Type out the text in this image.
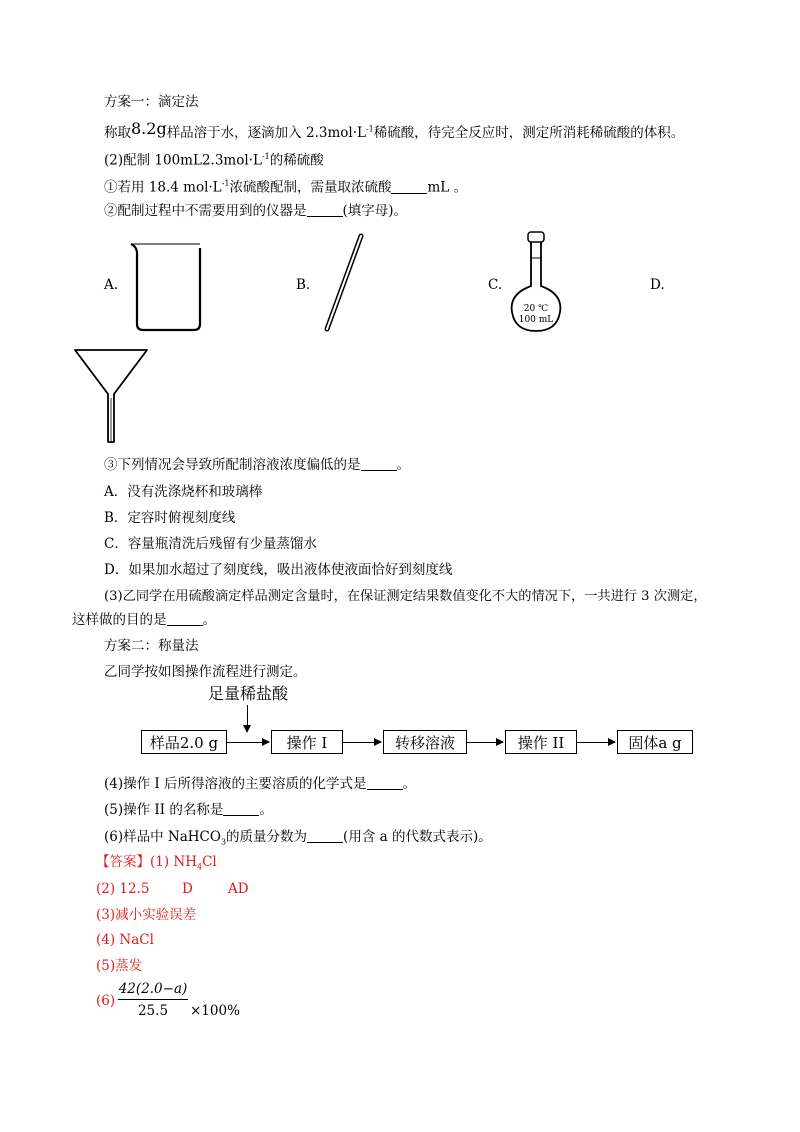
方案一：滴定法
称取8.2g样品溶于水，逐滴加入 $2.3mol\cdot L^{-1}$稀硫酸，待完全反应时，测定所消耗稀硫酸的体积。
(2)配制 $100mL2.3mol\cdot L^{-1}$的稀硫酸
①若用 18.4 $mol\cdot L^{-1}$浓硫酸配制，需量取浓硫酸	mL 。
②配制过程中不需要用到的仪器是	(填字母)。
A.	B.	C.	D.
20 ℃
100 mL
③下列情况会导致所配制溶液浓度偏低的是	。
A．没有洗涤烧杯和玻璃棒
B．定容时俯视刻度线
C．容量瓶清洗后残留有少量蒸馏水
D．如果加水超过了刻度线，吸出液体使液面恰好到刻度线
(3)乙同学在用硫酸滴定样品测定含量时，在保证测定结果数值变化不大的情况下，一共进行 3 次测定，
这样做的目的是	。
方案二：称量法
乙同学按如图操作流程进行测定。
足量稀盐酸
样品2.0 g	操作 I	转移溶液	操作 II	固体a g
(4)操作 I 后所得溶液的主要溶质的化学式是	。
(5)操作 II 的名称是	。
(6)样品中 NaHCO$_3$的质量分数为	(用含 a 的代数式表示)。
【答案】(1) $NH_4Cl$
(2) 12.5 D	AD
(3)减小实验误差
(4) NaCl
(5)蒸发
(6)
42(2.0−a)
25.5	×100%
